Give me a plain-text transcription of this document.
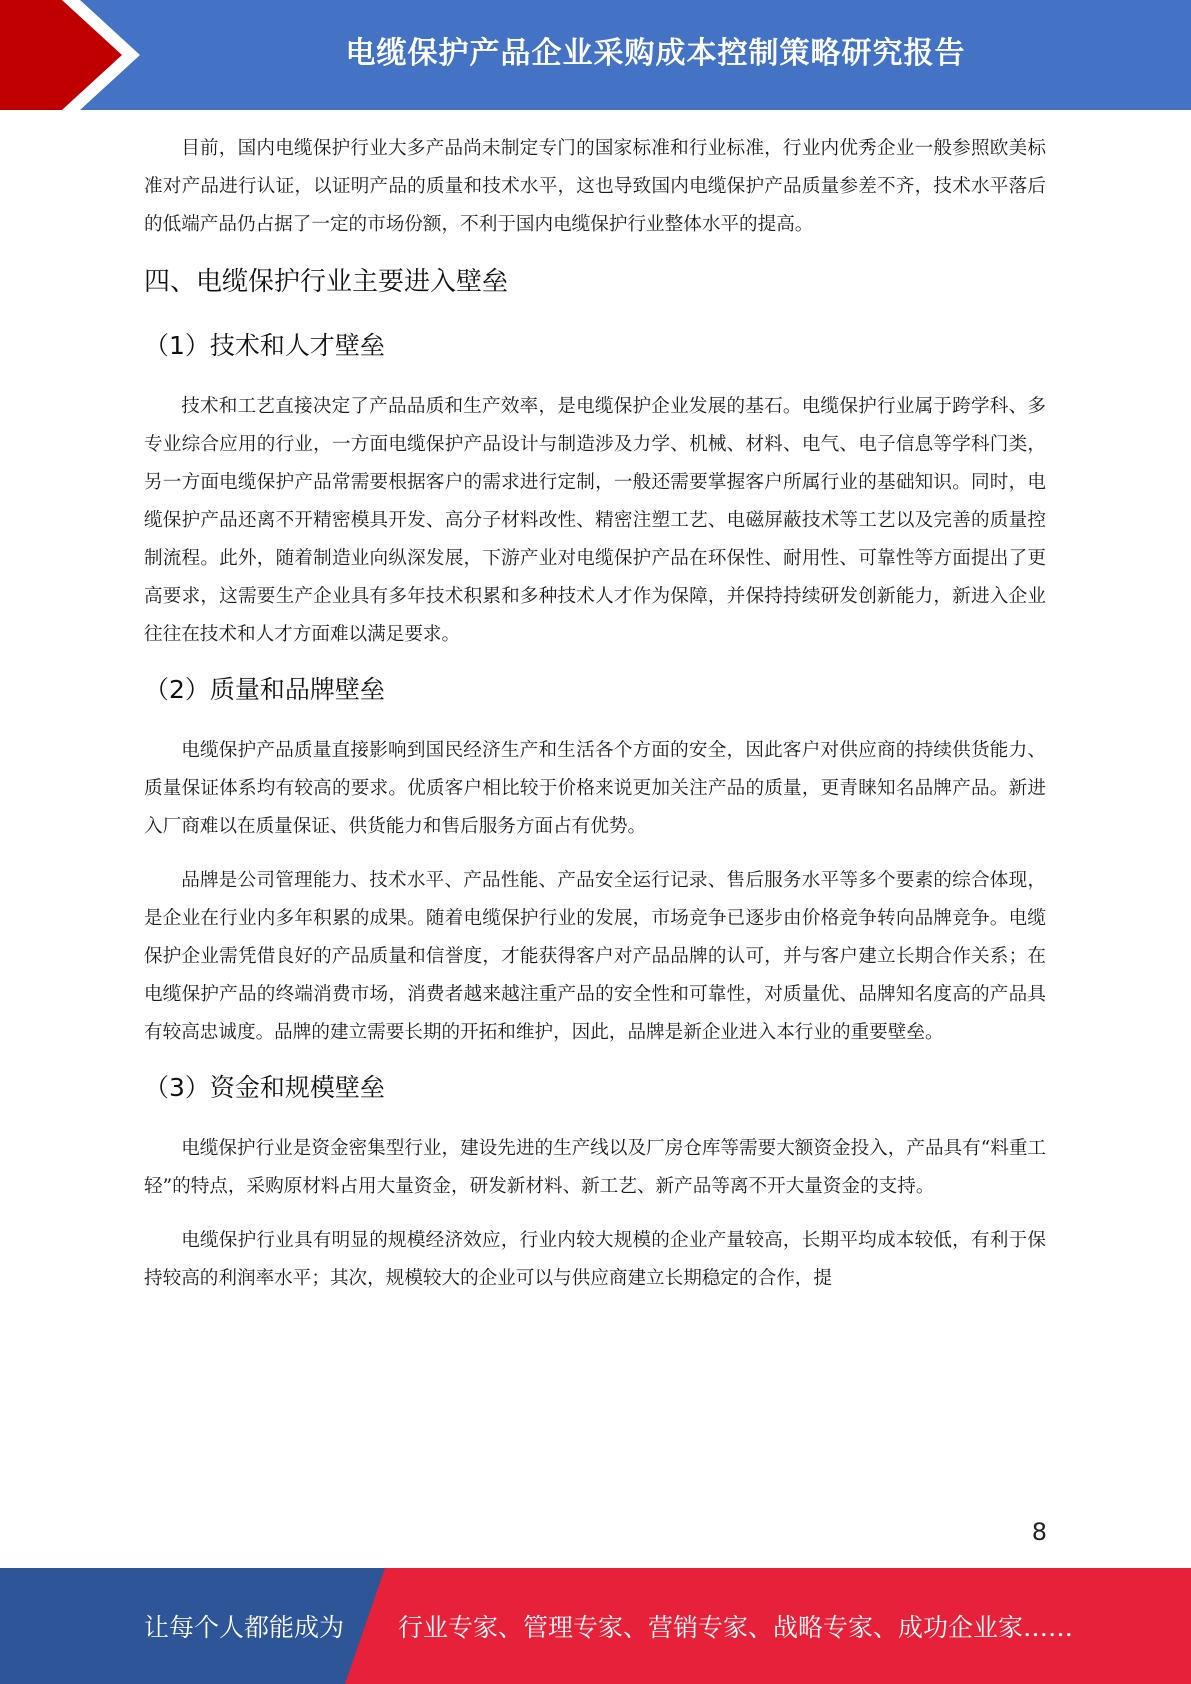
电缆保护产品企业采购成本控制策略研究报告

目前，国内电缆保护行业大多产品尚未制定专门的国家标准和行业标准，行业内优秀企业一般参照欧美标准对产品进行认证，以证明产品的质量和技术水平，这也导致国内电缆保护产品质量参差不齐，技术水平落后的低端产品仍占据了一定的市场份额，不利于国内电缆保护行业整体水平的提高。

四、电缆保护行业主要进入壁垒
（1）技术和人才壁垒

技术和工艺直接决定了产品品质和生产效率，是电缆保护企业发展的基石。电缆保护行业属于跨学科、多专业综合应用的行业，一方面电缆保护产品设计与制造涉及力学、机械、材料、电气、电子信息等学科门类，另一方面电缆保护产品常需要根据客户的需求进行定制，一般还需要掌握客户所属行业的基础知识。同时，电缆保护产品还离不开精密模具开发、高分子材料改性、精密注塑工艺、电磁屏蔽技术等工艺以及完善的质量控制流程。此外，随着制造业向纵深发展，下游产业对电缆保护产品在环保性、耐用性、可靠性等方面提出了更高要求，这需要生产企业具有多年技术积累和多种技术人才作为保障，并保持持续研发创新能力，新进入企业往往在技术和人才方面难以满足要求。

（2）质量和品牌壁垒

电缆保护产品质量直接影响到国民经济生产和生活各个方面的安全，因此客户对供应商的持续供货能力、质量保证体系均有较高的要求。优质客户相比较于价格来说更加关注产品的质量，更青睐知名品牌产品。新进入厂商难以在质量保证、供货能力和售后服务方面占有优势。

品牌是公司管理能力、技术水平、产品性能、产品安全运行记录、售后服务水平等多个要素的综合体现，是企业在行业内多年积累的成果。随着电缆保护行业的发展，市场竞争已逐步由价格竞争转向品牌竞争。电缆保护企业需凭借良好的产品质量和信誉度，才能获得客户对产品品牌的认可，并与客户建立长期合作关系；在电缆保护产品的终端消费市场，消费者越来越注重产品的安全性和可靠性，对质量优、品牌知名度高的产品具有较高忠诚度。品牌的建立需要长期的开拓和维护，因此，品牌是新企业进入本行业的重要壁垒。

（3）资金和规模壁垒

电缆保护行业是资金密集型行业，建设先进的生产线以及厂房仓库等需要大额资金投入，产品具有“料重工轻”的特点，采购原材料占用大量资金，研发新材料、新工艺、新产品等离不开大量资金的支持。

电缆保护行业具有明显的规模经济效应，行业内较大规模的企业产量较高，长期平均成本较低，有利于保持较高的利润率水平；其次，规模较大的企业可以与供应商建立长期稳定的合作，提

8
让每个人都能成为 行业专家、管理专家、营销专家、战略专家、成功企业家……
